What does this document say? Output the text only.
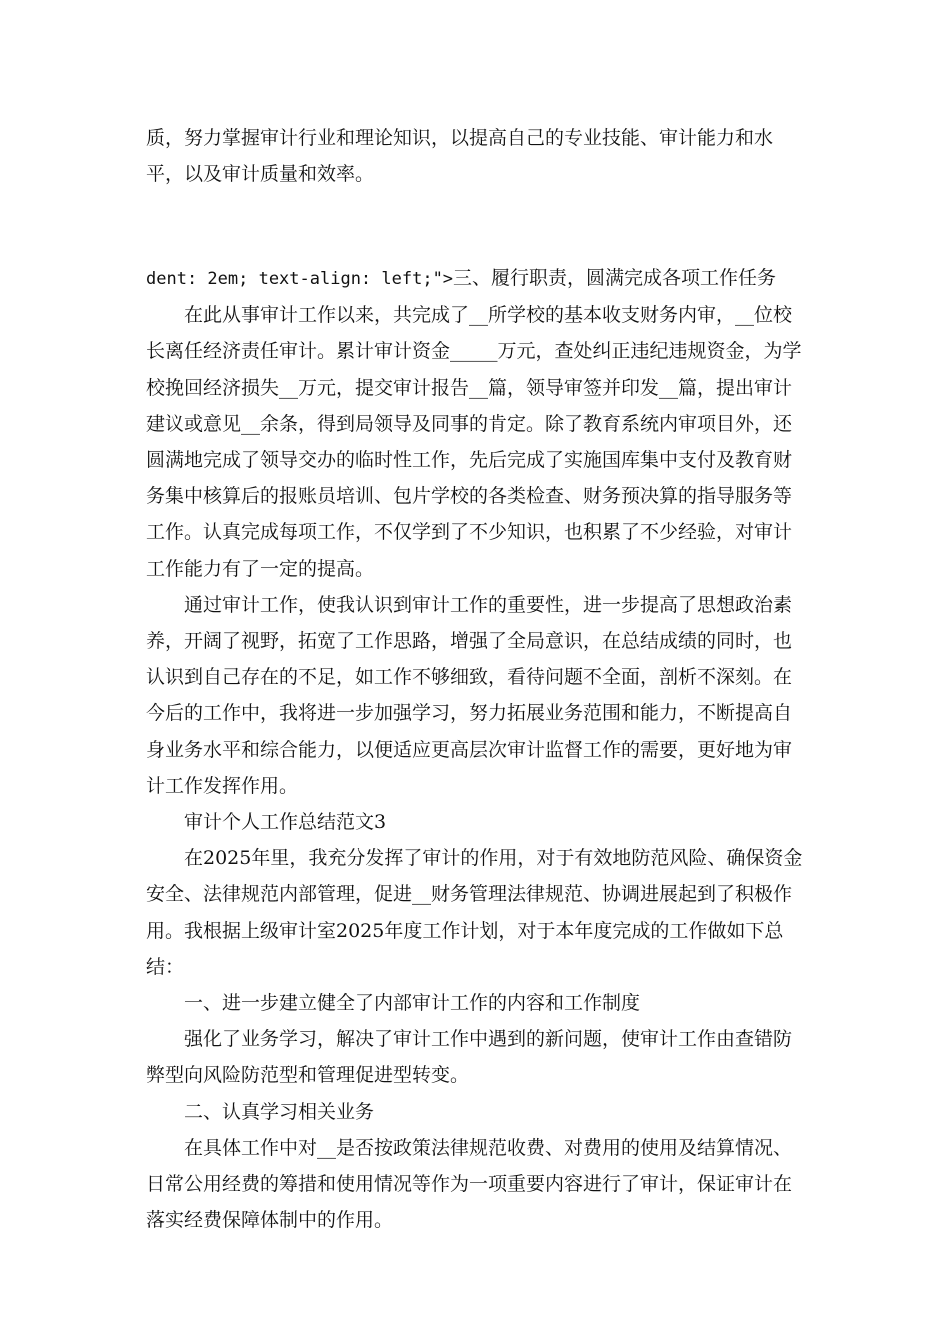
质，努力掌握审计行业和理论知识，以提高自己的专业技能、审计能力和水平，以及审计质量和效率。

dent: 2em; text-align: left;">三、履行职责，圆满完成各项工作任务

在此从事审计工作以来，共完成了__所学校的基本收支财务内审，__位校长离任经济责任审计。累计审计资金_____万元，查处纠正违纪违规资金，为学校挽回经济损失__万元，提交审计报告__篇，领导审签并印发__篇，提出审计建议或意见__余条，得到局领导及同事的肯定。除了教育系统内审项目外，还圆满地完成了领导交办的临时性工作，先后完成了实施国库集中支付及教育财务集中核算后的报账员培训、包片学校的各类检查、财务预决算的指导服务等工作。认真完成每项工作，不仅学到了不少知识，也积累了不少经验，对审计工作能力有了一定的提高。

通过审计工作，使我认识到审计工作的重要性，进一步提高了思想政治素养，开阔了视野，拓宽了工作思路，增强了全局意识，在总结成绩的同时，也认识到自己存在的不足，如工作不够细致，看待问题不全面，剖析不深刻。在今后的工作中，我将进一步加强学习，努力拓展业务范围和能力，不断提高自身业务水平和综合能力，以便适应更高层次审计监督工作的需要，更好地为审计工作发挥作用。

审计个人工作总结范文3

在2025年里，我充分发挥了审计的作用，对于有效地防范风险、确保资金安全、法律规范内部管理，促进__财务管理法律规范、协调进展起到了积极作用。我根据上级审计室2025年度工作计划，对于本年度完成的工作做如下总结：

一、进一步建立健全了内部审计工作的内容和工作制度

强化了业务学习，解决了审计工作中遇到的新问题，使审计工作由查错防弊型向风险防范型和管理促进型转变。

二、认真学习相关业务

在具体工作中对__是否按政策法律规范收费、对费用的使用及结算情况、日常公用经费的筹措和使用情况等作为一项重要内容进行了审计，保证审计在落实经费保障体制中的作用。
